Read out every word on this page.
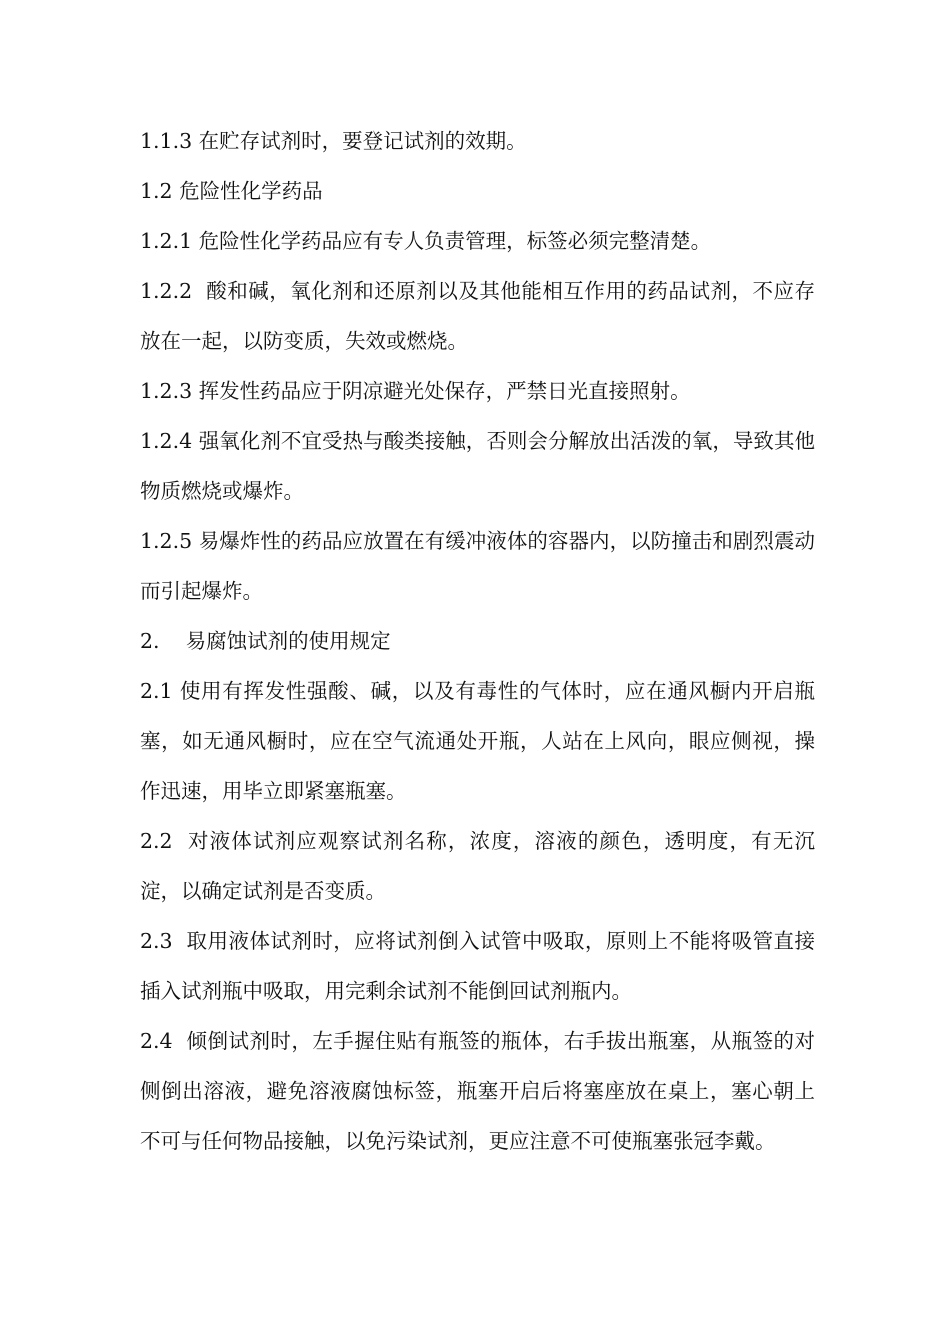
1.1.3 在贮存试剂时，要登记试剂的效期。

1.2 危险性化学药品

1.2.1 危险性化学药品应有专人负责管理，标签必须完整清楚。

1.2.2  酸和碱，氧化剂和还原剂以及其他能相互作用的药品试剂，不应存放在一起，以防变质，失效或燃烧。

1.2.3 挥发性药品应于阴凉避光处保存，严禁日光直接照射。

1.2.4 强氧化剂不宜受热与酸类接触，否则会分解放出活泼的氧，导致其他物质燃烧或爆炸。

1.2.5 易爆炸性的药品应放置在有缓冲液体的容器内，以防撞击和剧烈震动而引起爆炸。

2.    易腐蚀试剂的使用规定

2.1 使用有挥发性强酸、碱，以及有毒性的气体时，应在通风橱内开启瓶塞，如无通风橱时，应在空气流通处开瓶，人站在上风向，眼应侧视，操作迅速，用毕立即紧塞瓶塞。

2.2  对液体试剂应观察试剂名称，浓度，溶液的颜色，透明度，有无沉淀，以确定试剂是否变质。

2.3  取用液体试剂时，应将试剂倒入试管中吸取，原则上不能将吸管直接插入试剂瓶中吸取，用完剩余试剂不能倒回试剂瓶内。

2.4  倾倒试剂时，左手握住贴有瓶签的瓶体，右手拔出瓶塞，从瓶签的对侧倒出溶液，避免溶液腐蚀标签，瓶塞开启后将塞座放在桌上，塞心朝上不可与任何物品接触，以免污染试剂，更应注意不可使瓶塞张冠李戴。
